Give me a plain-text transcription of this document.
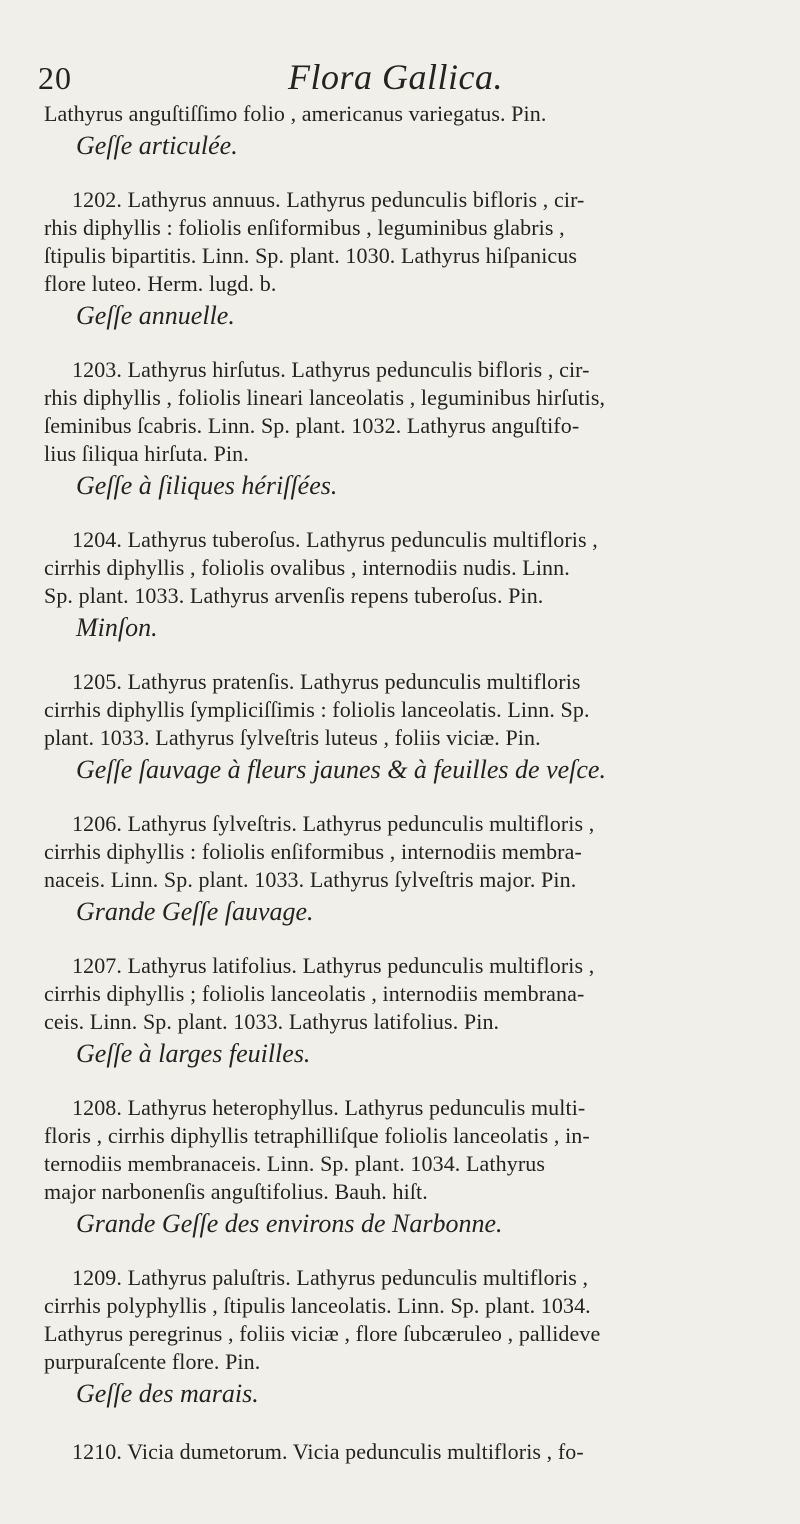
20	Flora Gallica.
Lathyrus anguſtiſſimo folio , americanus variegatus. Pin.
Geſſe articulée.
1202. Lathyrus annuus. Lathyrus pedunculis bifloris , cir-
rhis diphyllis : foliolis enſiformibus , leguminibus glabris ,
ſtipulis bipartitis. Linn. Sp. plant. 1030. Lathyrus hiſpanicus
flore luteo. Herm. lugd. b.
Geſſe annuelle.
1203. Lathyrus hirſutus. Lathyrus pedunculis bifloris , cir-
rhis diphyllis , foliolis lineari lanceolatis , leguminibus hirſutis,
ſeminibus ſcabris. Linn. Sp. plant. 1032. Lathyrus anguſtifo-
lius ſiliqua hirſuta. Pin.
Geſſe à ſiliques hériſſées.
1204. Lathyrus tuberoſus. Lathyrus pedunculis multifloris ,
cirrhis diphyllis , foliolis ovalibus , internodiis nudis. Linn.
Sp. plant. 1033. Lathyrus arvenſis repens tuberoſus. Pin.
Minſon.
1205. Lathyrus pratenſis. Lathyrus pedunculis multifloris
cirrhis diphyllis ſympliciſſimis : foliolis lanceolatis. Linn. Sp.
plant. 1033. Lathyrus ſylveſtris luteus , foliis viciæ. Pin.
Geſſe ſauvage à fleurs jaunes & à feuilles de veſce.
1206. Lathyrus ſylveſtris. Lathyrus pedunculis multifloris ,
cirrhis diphyllis : foliolis enſiformibus , internodiis membra-
naceis. Linn. Sp. plant. 1033. Lathyrus ſylveſtris major. Pin.
Grande Geſſe ſauvage.
1207. Lathyrus latifolius. Lathyrus pedunculis multifloris ,
cirrhis diphyllis ; foliolis lanceolatis , internodiis membrana-
ceis. Linn. Sp. plant. 1033. Lathyrus latifolius. Pin.
Geſſe à larges feuilles.
1208. Lathyrus heterophyllus. Lathyrus pedunculis multi-
floris , cirrhis diphyllis tetraphilliſque foliolis lanceolatis , in-
ternodiis membranaceis. Linn. Sp. plant. 1034. Lathyrus
major narbonenſis anguſtifolius. Bauh. hiſt.
Grande Geſſe des environs de Narbonne.
1209. Lathyrus paluſtris. Lathyrus pedunculis multifloris ,
cirrhis polyphyllis , ſtipulis lanceolatis. Linn. Sp. plant. 1034.
Lathyrus peregrinus , foliis viciæ , flore ſubcæruleo , pallideve
purpuraſcente flore. Pin.
Geſſe des marais.
1210. Vicia dumetorum. Vicia pedunculis multifloris , fo-
